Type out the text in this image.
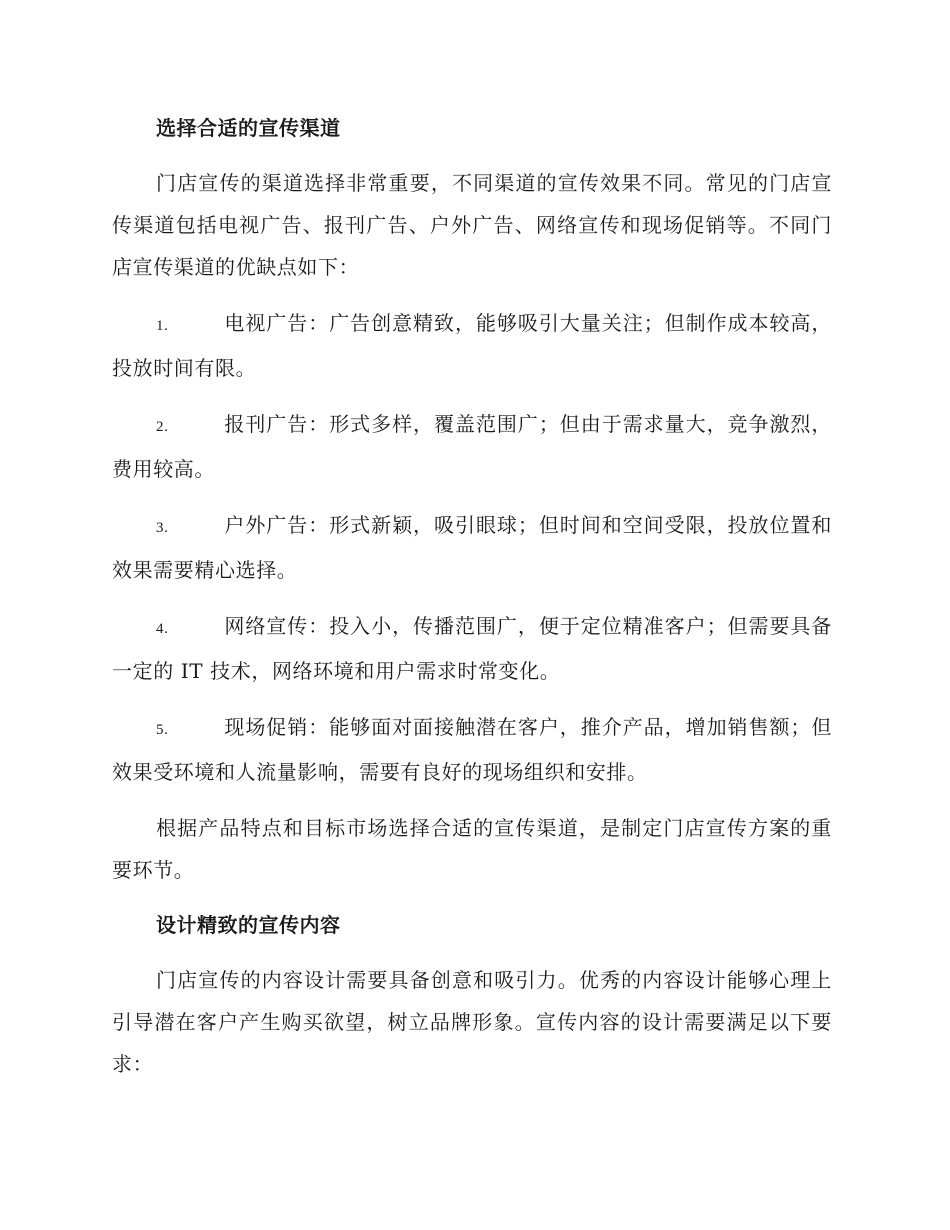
选择合适的宣传渠道

门店宣传的渠道选择非常重要，不同渠道的宣传效果不同。常见的门店宣传渠道包括电视广告、报刊广告、户外广告、网络宣传和现场促销等。不同门店宣传渠道的优缺点如下：

1.	电视广告：广告创意精致，能够吸引大量关注；但制作成本较高，投放时间有限。

2.	报刊广告：形式多样，覆盖范围广；但由于需求量大，竞争激烈，费用较高。

3.	户外广告：形式新颖，吸引眼球；但时间和空间受限，投放位置和效果需要精心选择。

4.	网络宣传：投入小，传播范围广，便于定位精准客户；但需要具备一定的 IT 技术，网络环境和用户需求时常变化。

5.	现场促销：能够面对面接触潜在客户，推介产品，增加销售额；但效果受环境和人流量影响，需要有良好的现场组织和安排。

根据产品特点和目标市场选择合适的宣传渠道，是制定门店宣传方案的重要环节。

设计精致的宣传内容

门店宣传的内容设计需要具备创意和吸引力。优秀的内容设计能够心理上引导潜在客户产生购买欲望，树立品牌形象。宣传内容的设计需要满足以下要求：
